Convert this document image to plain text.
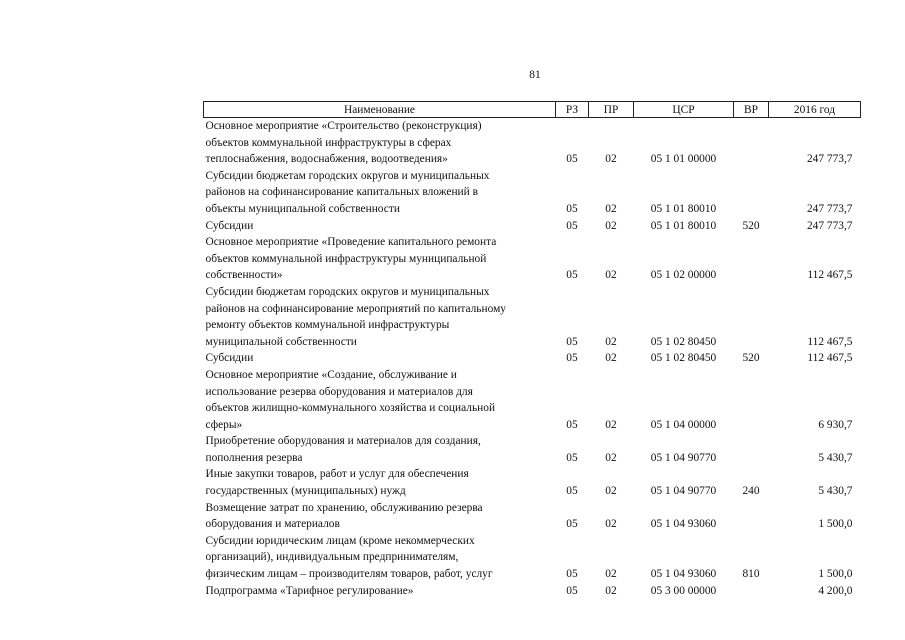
81
Наименование	РЗ	ПР	ЦСР	ВР	2016 год

Основное мероприятие «Строительство (реконструкция)
объектов коммунальной инфраструктуры в сферах
теплоснабжения, водоснабжения, водоотведения»	05	02	05 1 01 00000		247 773,7

Субсидии бюджетам городских округов и муниципальных
районов на софинансирование капитальных вложений в
объекты муниципальной собственности	05	02	05 1 01 80010		247 773,7

Субсидии	05	02	05 1 01 80010	520	247 773,7

Основное мероприятие «Проведение капитального ремонта
объектов коммунальной инфраструктуры муниципальной
собственности»	05	02	05 1 02 00000		112 467,5

Субсидии бюджетам городских округов и муниципальных
районов на софинансирование мероприятий по капитальному
ремонту объектов коммунальной инфраструктуры
муниципальной собственности	05	02	05 1 02 80450		112 467,5

Субсидии	05	02	05 1 02 80450	520	112 467,5

Основное мероприятие «Создание, обслуживание и
использование резерва оборудования и материалов для
объектов жилищно-коммунального хозяйства и социальной
сферы»	05	02	05 1 04 00000		6 930,7

Приобретение оборудования и материалов для создания,
пополнения резерва	05	02	05 1 04 90770		5 430,7

Иные закупки товаров, работ и услуг для обеспечения
государственных (муниципальных) нужд	05	02	05 1 04 90770	240	5 430,7

Возмещение затрат по хранению, обслуживанию резерва
оборудования и материалов	05	02	05 1 04 93060		1 500,0

Субсидии юридическим лицам (кроме некоммерческих
организаций), индивидуальным предпринимателям,
физическим лицам – производителям товаров, работ, услуг	05	02	05 1 04 93060	810	1 500,0

Подпрограмма «Тарифное регулирование»	05	02	05 3 00 00000		4 200,0
